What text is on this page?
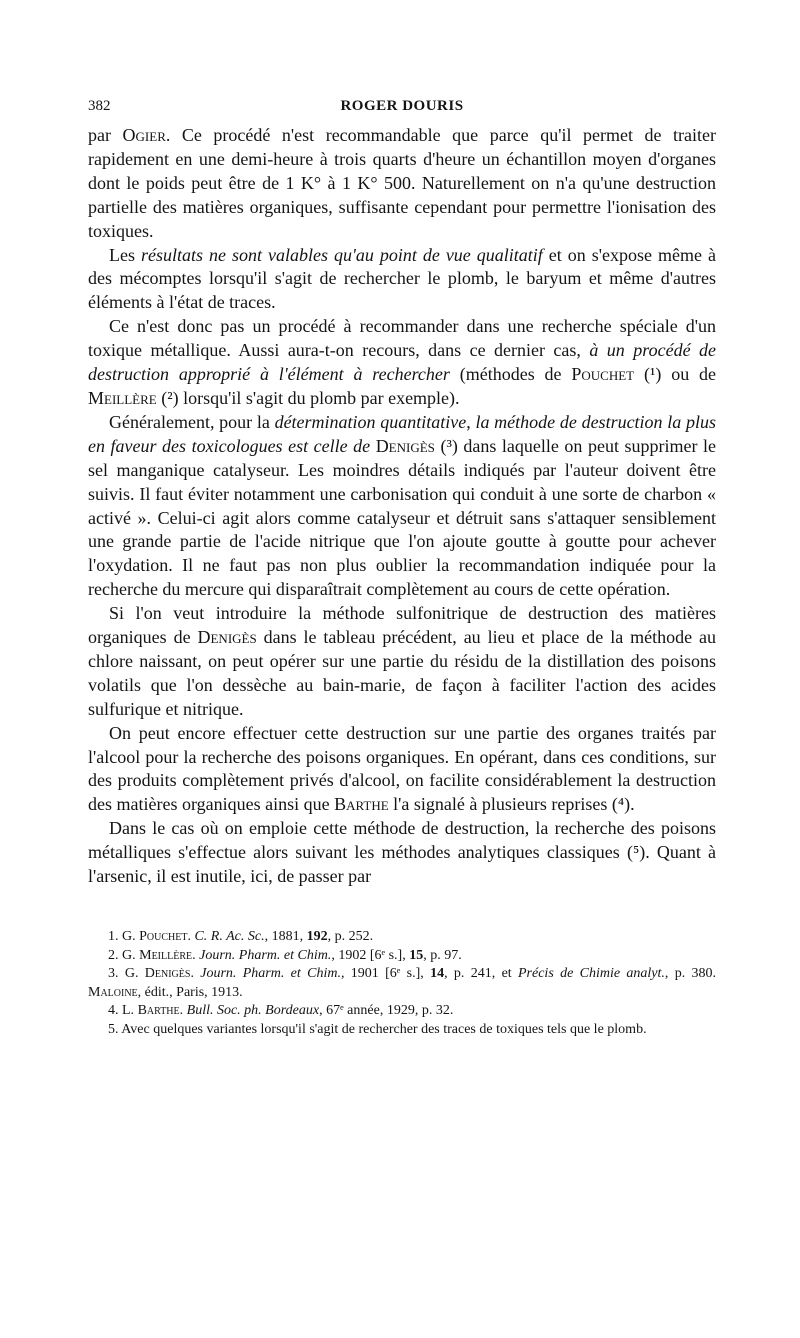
382	ROGER DOURIS

par Ogier. Ce procédé n'est recommandable que parce qu'il permet de traiter rapidement en une demi-heure à trois quarts d'heure un échantillon moyen d'organes dont le poids peut être de 1 K° à 1 K° 500. Naturellement on n'a qu'une destruction partielle des matières organiques, suffisante cependant pour permettre l'ionisation des toxiques.

Les résultats ne sont valables qu'au point de vue qualitatif et on s'expose même à des mécomptes lorsqu'il s'agit de rechercher le plomb, le baryum et même d'autres éléments à l'état de traces.

Ce n'est donc pas un procédé à recommander dans une recherche spéciale d'un toxique métallique. Aussi aura-t-on recours, dans ce dernier cas, à un procédé de destruction approprié à l'élément à rechercher (méthodes de Pouchet (¹) ou de Meillère (²) lorsqu'il s'agit du plomb par exemple).

Généralement, pour la détermination quantitative, la méthode de destruction la plus en faveur des toxicologues est celle de Denigès (³) dans laquelle on peut supprimer le sel manganique catalyseur. Les moindres détails indiqués par l'auteur doivent être suivis. Il faut éviter notamment une carbonisation qui conduit à une sorte de charbon « activé ». Celui-ci agit alors comme catalyseur et détruit sans s'attaquer sensiblement une grande partie de l'acide nitrique que l'on ajoute goutte à goutte pour achever l'oxydation. Il ne faut pas non plus oublier la recommandation indiquée pour la recherche du mercure qui disparaîtrait complètement au cours de cette opération.

Si l'on veut introduire la méthode sulfonitrique de destruction des matières organiques de Denigès dans le tableau précédent, au lieu et place de la méthode au chlore naissant, on peut opérer sur une partie du résidu de la distillation des poisons volatils que l'on dessèche au bain-marie, de façon à faciliter l'action des acides sulfurique et nitrique.

On peut encore effectuer cette destruction sur une partie des organes traités par l'alcool pour la recherche des poisons organiques. En opérant, dans ces conditions, sur des produits complètement privés d'alcool, on facilite considérablement la destruction des matières organiques ainsi que Barthe l'a signalé à plusieurs reprises (⁴).

Dans le cas où on emploie cette méthode de destruction, la recherche des poisons métalliques s'effectue alors suivant les méthodes analytiques classiques (⁵). Quant à l'arsenic, il est inutile, ici, de passer par

1. G. Pouchet. C. R. Ac. Sc., 1881, 192, p. 252.

2. G. Meillère. Journ. Pharm. et Chim., 1902 [6ᵉ s.], 15, p. 97.

3. G. Denigès. Journ. Pharm. et Chim., 1901 [6ᵉ s.], 14, p. 241, et Précis de Chimie analyt., p. 380. Maloine, édit., Paris, 1913.

4. L. Barthe. Bull. Soc. ph. Bordeaux, 67ᵉ année, 1929, p. 32.

5. Avec quelques variantes lorsqu'il s'agit de rechercher des traces de toxiques tels que le plomb.
